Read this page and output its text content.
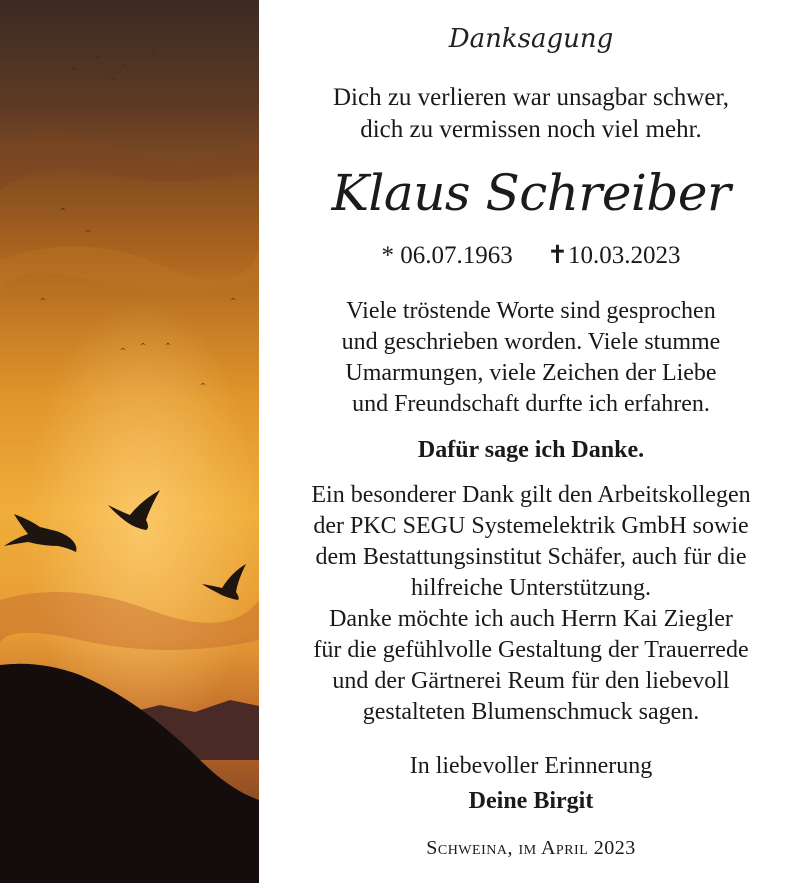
Danksagung
Dich zu verlieren war unsagbar schwer,
dich zu vermissen noch viel mehr.
Klaus Schreiber
* 06.07.1963 ✝10.03.2023
Viele tröstende Worte sind gesprochen
und geschrieben worden. Viele stumme
Umarmungen, viele Zeichen der Liebe
und Freundschaft durfte ich erfahren.
Dafür sage ich Danke.
Ein besonderer Dank gilt den Arbeitskollegen
der PKC SEGU Systemelektrik GmbH sowie
dem Bestattungsinstitut Schäfer, auch für die
hilfreiche Unterstützung.
Danke möchte ich auch Herrn Kai Ziegler
für die gefühlvolle Gestaltung der Trauerrede
und der Gärtnerei Reum für den liebevoll
gestalteten Blumenschmuck sagen.
In liebevoller Erinnerung
Deine Birgit
Schweina, im April 2023
